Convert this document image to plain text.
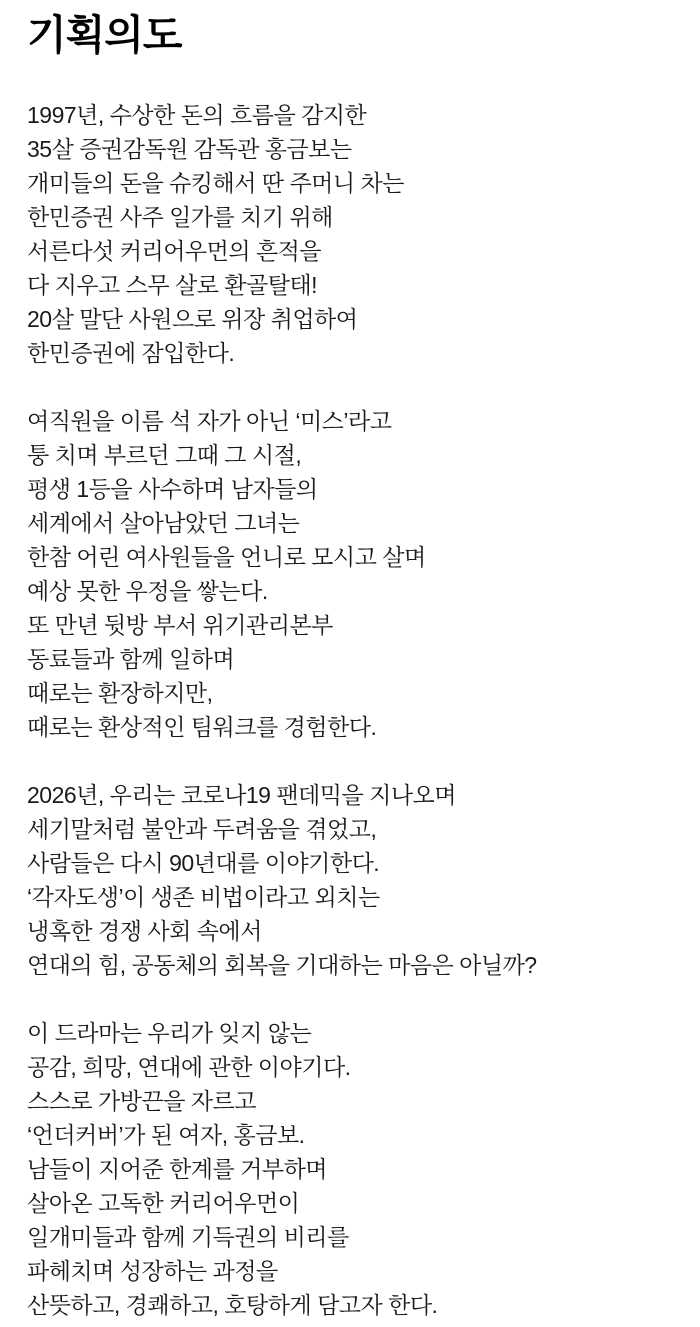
기획의도

1997년, 수상한 돈의 흐름을 감지한
35살 증권감독원 감독관 홍금보는
개미들의 돈을 슈킹해서 딴 주머니 차는
한민증권 사주 일가를 치기 위해
서른다섯 커리어우먼의 흔적을
다 지우고 스무 살로 환골탈태!
20살 말단 사원으로 위장 취업하여
한민증권에 잠입한다.

여직원을 이름 석 자가 아닌 ‘미스’라고
퉁 치며 부르던 그때 그 시절,
평생 1등을 사수하며 남자들의
세계에서 살아남았던 그녀는
한참 어린 여사원들을 언니로 모시고 살며
예상 못한 우정을 쌓는다.
또 만년 뒷방 부서 위기관리본부
동료들과 함께 일하며
때로는 환장하지만,
때로는 환상적인 팀워크를 경험한다.

2026년, 우리는 코로나19 팬데믹을 지나오며
세기말처럼 불안과 두려움을 겪었고,
사람들은 다시 90년대를 이야기한다.
‘각자도생’이 생존 비법이라고 외치는
냉혹한 경쟁 사회 속에서
연대의 힘, 공동체의 회복을 기대하는 마음은 아닐까?

이 드라마는 우리가 잊지 않는
공감, 희망, 연대에 관한 이야기다.
스스로 가방끈을 자르고
‘언더커버’가 된 여자, 홍금보.
남들이 지어준 한계를 거부하며
살아온 고독한 커리어우먼이
일개미들과 함께 기득권의 비리를
파헤치며 성장하는 과정을
산뜻하고, 경쾌하고, 호탕하게 담고자 한다.
